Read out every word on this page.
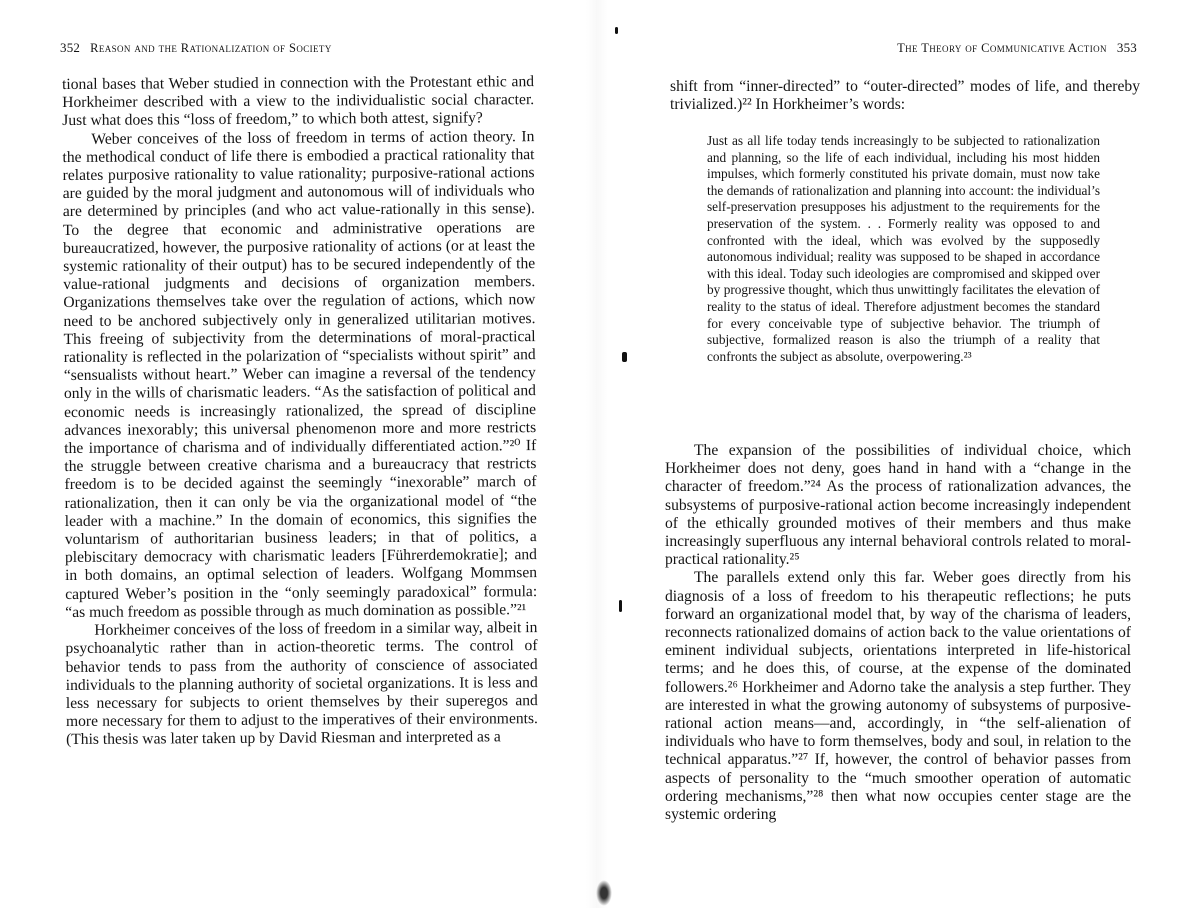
352 Reason and the Rationalization of Society

tional bases that Weber studied in connection with the Protestant ethic and Horkheimer described with a view to the individualistic social character. Just what does this “loss of freedom,” to which both attest, signify?

Weber conceives of the loss of freedom in terms of action theory. In the methodical conduct of life there is embodied a practical rationality that relates purposive rationality to value rationality; purposive-rational actions are guided by the moral judgment and autonomous will of individuals who are determined by principles (and who act value-rationally in this sense). To the degree that economic and administrative operations are bureaucratized, however, the purposive rationality of actions (or at least the systemic rationality of their output) has to be secured independently of the value-rational judgments and decisions of organization members. Organizations themselves take over the regulation of actions, which now need to be anchored subjectively only in generalized utilitarian motives. This freeing of subjectivity from the determinations of moral-practical rationality is reflected in the polarization of “specialists without spirit” and “sensualists without heart.” Weber can imagine a reversal of the tendency only in the wills of charismatic leaders. “As the satisfaction of political and economic needs is increasingly rationalized, the spread of discipline advances inexorably; this universal phenomenon more and more restricts the importance of charisma and of individually differentiated action.”²⁰ If the struggle between creative charisma and a bureaucracy that restricts freedom is to be decided against the seemingly “inexorable” march of rationalization, then it can only be via the organizational model of “the leader with a machine.” In the domain of economics, this signifies the voluntarism of authoritarian business leaders; in that of politics, a plebiscitary democracy with charismatic leaders [Führerdemokratie]; and in both domains, an optimal selection of leaders. Wolfgang Mommsen captured Weber’s position in the “only seemingly paradoxical” formula: “as much freedom as possible through as much domination as possible.”²¹

Horkheimer conceives of the loss of freedom in a similar way, albeit in psychoanalytic rather than in action-theoretic terms. The control of behavior tends to pass from the authority of conscience of associated individuals to the planning authority of societal organizations. It is less and less necessary for subjects to orient themselves by their superegos and more necessary for them to adjust to the imperatives of their environments. (This thesis was later taken up by David Riesman and interpreted as a

The Theory of Communicative Action 353

shift from “inner-directed” to “outer-directed” modes of life, and thereby trivialized.)²² In Horkheimer’s words:

Just as all life today tends increasingly to be subjected to rationalization and planning, so the life of each individual, including his most hidden impulses, which formerly constituted his private domain, must now take the demands of rationalization and planning into account: the individual’s self-preservation presupposes his adjustment to the requirements for the preservation of the system. . . Formerly reality was opposed to and confronted with the ideal, which was evolved by the supposedly autonomous individual; reality was supposed to be shaped in accordance with this ideal. Today such ideologies are compromised and skipped over by progressive thought, which thus unwittingly facilitates the elevation of reality to the status of ideal. Therefore adjustment becomes the standard for every conceivable type of subjective behavior. The triumph of subjective, formalized reason is also the triumph of a reality that confronts the subject as absolute, overpowering.²³

The expansion of the possibilities of individual choice, which Horkheimer does not deny, goes hand in hand with a “change in the character of freedom.”²⁴ As the process of rationalization advances, the subsystems of purposive-rational action become increasingly independent of the ethically grounded motives of their members and thus make increasingly superfluous any internal behavioral controls related to moral-practical rationality.²⁵

The parallels extend only this far. Weber goes directly from his diagnosis of a loss of freedom to his therapeutic reflections; he puts forward an organizational model that, by way of the charisma of leaders, reconnects rationalized domains of action back to the value orientations of eminent individual subjects, orientations interpreted in life-historical terms; and he does this, of course, at the expense of the dominated followers.²⁶ Horkheimer and Adorno take the analysis a step further. They are interested in what the growing autonomy of subsystems of purposive-rational action means—and, accordingly, in “the self-alienation of individuals who have to form themselves, body and soul, in relation to the technical apparatus.”²⁷ If, however, the control of behavior passes from aspects of personality to the “much smoother operation of automatic ordering mechanisms,”²⁸ then what now occupies center stage are the systemic ordering
